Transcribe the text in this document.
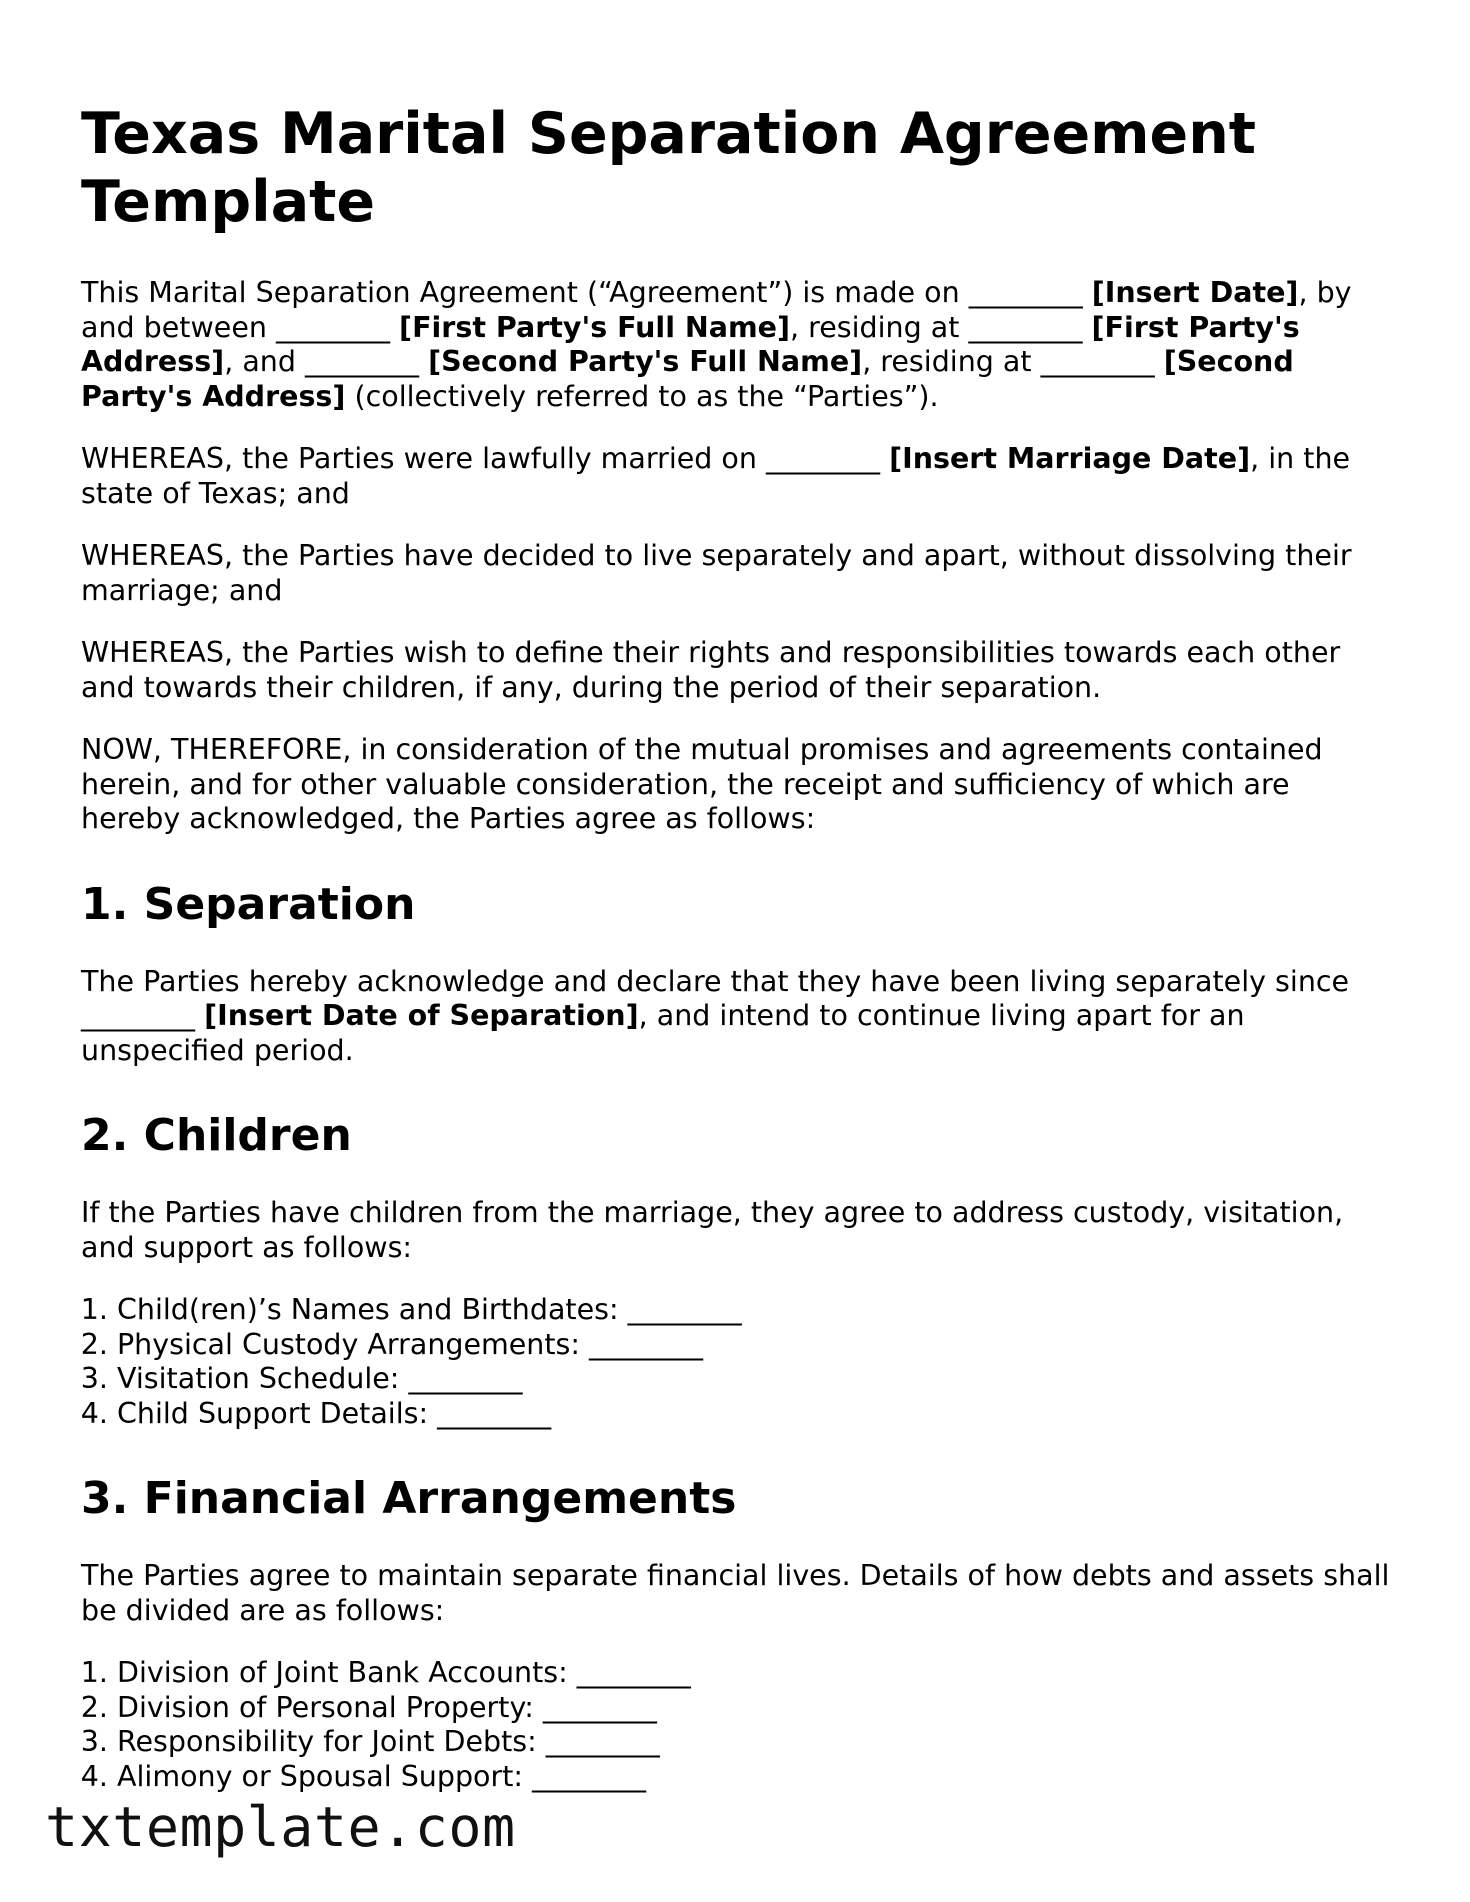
Texas Marital Separation Agreement Template

This Marital Separation Agreement (“Agreement”) is made on ________ [Insert Date], by and between ________ [First Party's Full Name], residing at ________ [First Party's Address], and ________ [Second Party's Full Name], residing at ________ [Second Party's Address] (collectively referred to as the “Parties”).

WHEREAS, the Parties were lawfully married on ________ [Insert Marriage Date], in the state of Texas; and

WHEREAS, the Parties have decided to live separately and apart, without dissolving their marriage; and

WHEREAS, the Parties wish to define their rights and responsibilities towards each other and towards their children, if any, during the period of their separation.

NOW, THEREFORE, in consideration of the mutual promises and agreements contained herein, and for other valuable consideration, the receipt and sufficiency of which are hereby acknowledged, the Parties agree as follows:

1. Separation

The Parties hereby acknowledge and declare that they have been living separately since ________ [Insert Date of Separation], and intend to continue living apart for an unspecified period.

2. Children

If the Parties have children from the marriage, they agree to address custody, visitation, and support as follows:

1. Child(ren)’s Names and Birthdates: ________
2. Physical Custody Arrangements: ________
3. Visitation Schedule: ________
4. Child Support Details: ________
3. Financial Arrangements

The Parties agree to maintain separate financial lives. Details of how debts and assets shall be divided are as follows:

1. Division of Joint Bank Accounts: ________
2. Division of Personal Property: ________
3. Responsibility for Joint Debts: ________
4. Alimony or Spousal Support: ________
txtemplate.com
